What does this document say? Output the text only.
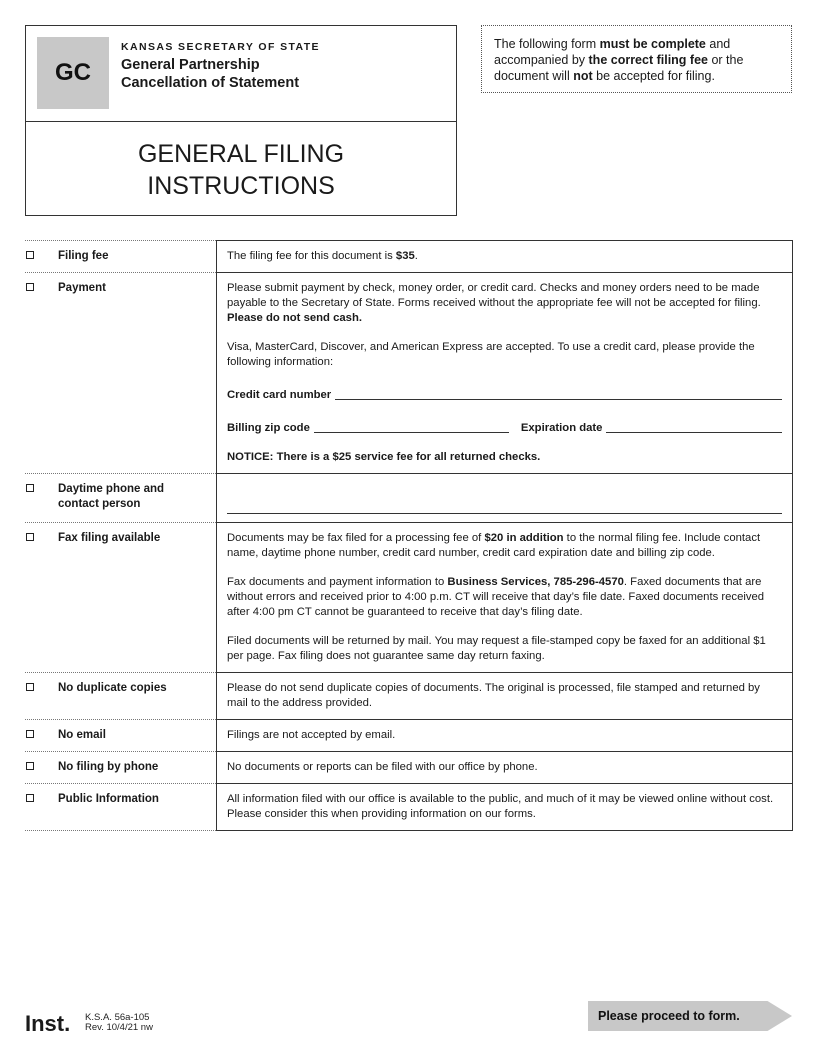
GC
KANSAS SECRETARY OF STATE
General Partnership
Cancellation of Statement
GENERAL FILING
INSTRUCTIONS
The following form must be complete and accompanied by the correct filing fee or the document will not be accepted for filing.
Filing fee	The filing fee for this document is $35.
Payment	Please submit payment by check, money order, or credit card. Checks and money orders need to be made payable to the Secretary of State. Forms received without the appropriate fee will not be accepted for filing. Please do not send cash.
Visa, MasterCard, Discover, and American Express are accepted. To use a credit card, please provide the following information:
Credit card number
Billing zip code	Expiration date
NOTICE: There is a $25 service fee for all returned checks.
Daytime phone and
contact person
Fax filing available	Documents may be fax filed for a processing fee of $20 in addition to the normal filing fee. Include contact name, daytime phone number, credit card number, credit card expiration date and billing zip code.
Fax documents and payment information to Business Services, 785-296-4570. Faxed documents that are without errors and received prior to 4:00 p.m. CT will receive that day’s file date. Faxed documents received after 4:00 pm CT cannot be guaranteed to receive that day’s filing date.
Filed documents will be returned by mail. You may request a file-stamped copy be faxed for an additional $1 per page. Fax filing does not guarantee same day return faxing.
No duplicate copies	Please do not send duplicate copies of documents. The original is processed, file stamped and returned by mail to the address provided.
No email	Filings are not accepted by email.
No filing by phone	No documents or reports can be filed with our office by phone.
Public Information	All information filed with our office is available to the public, and much of it may be viewed online without cost. Please consider this when providing information on our forms.
Inst. K.S.A. 56a-105
Rev. 10/4/21 nw
Please proceed to form.
